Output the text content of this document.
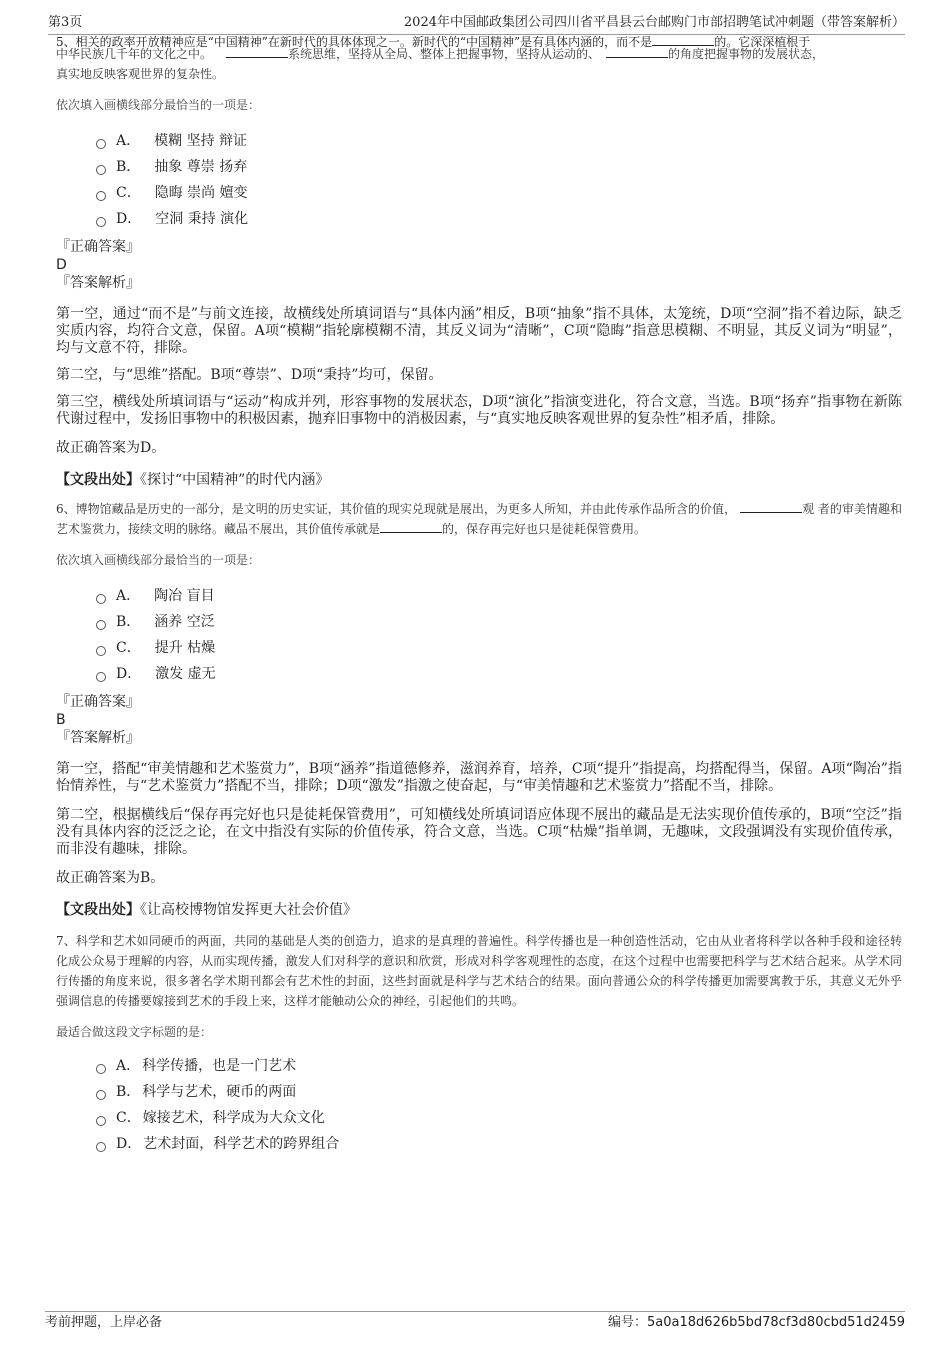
第3页	2024年中国邮政集团公司四川省平昌县云台邮购门市部招聘笔试冲刺题（带答案解析）
5、相关的政率开放精神应是“中国精神”在新时代的具体体现之一。新时代的“中国精神”是有具体内涵的，而不是	的。它深深植根于

中华民族几千年的文化之中。	系统思维，坚持从全局、整体上把握事物，坚持从运动的、	的角度把握事物的发展状态，
真实地反映客观世界的复杂性。

依次填入画横线部分最恰当的一项是：

A． 模糊 坚持 辩证
B． 抽象 尊崇 扬弃
C． 隐晦 崇尚 嬗变
D． 空洞 秉持 演化

『正确答案』

D

『答案解析』

第一空，通过“而不是”与前文连接，故横线处所填词语与“具体内涵”相反，B项“抽象”指不具体，太笼统，D项“空洞”指不着边际，缺乏实质内容，均符合文意，保留。A项“模糊”指轮廓模糊不清，其反义词为“清晰”，C项“隐晦”指意思模糊、不明显，其反义词为“明显”，均与文意不符，排除。

第二空，与“思维”搭配。B项“尊崇”、D项“秉持”均可，保留。

第三空，横线处所填词语与“运动”构成并列，形容事物的发展状态，D项“演化”指演变进化，符合文意，当选。B项“扬弃”指事物在新陈代谢过程中，发扬旧事物中的积极因素，抛弃旧事物中的消极因素，与“真实地反映客观世界的复杂性”相矛盾，排除。

故正确答案为D。

【文段出处】《探讨“中国精神”的时代内涵》

6、博物馆藏品是历史的一部分，是文明的历史实证，其价值的现实兑现就是展出，为更多人所知，并由此传承作品所含的价值，	观 者的审美情趣和艺术鉴赏力，接续文明的脉络。藏品不展出，其价值传承就是	的，保存再完好也只是徒耗保管费用。

依次填入画横线部分最恰当的一项是：

A． 陶冶 盲目
B． 涵养 空泛
C． 提升 枯燥
D． 激发 虚无

『正确答案』

B

『答案解析』

第一空，搭配“审美情趣和艺术鉴赏力”，B项“涵养”指道德修养，滋润养育，培养，C项“提升”指提高，均搭配得当，保留。A项“陶冶”指怡情养性，与“艺术鉴赏力”搭配不当，排除；D项“激发”指激之使奋起，与“审美情趣和艺术鉴赏力”搭配不当，排除。

第二空，根据横线后“保存再完好也只是徒耗保管费用”，可知横线处所填词语应体现不展出的藏品是无法实现价值传承的，B项“空泛”指没有具体内容的泛泛之论，在文中指没有实际的价值传承，符合文意，当选。C项“枯燥”指单调，无趣味，文段强调没有实现价值传承，而非没有趣味，排除。

故正确答案为B。

【文段出处】《让高校博物馆发挥更大社会价值》

7、科学和艺术如同硬币的两面，共同的基础是人类的创造力，追求的是真理的普遍性。科学传播也是一种创造性活动，它由从业者将科学以各种手段和途径转化成公众易于理解的内容，从而实现传播，激发人们对科学的意识和欣赏，形成对科学客观理性的态度，在这个过程中也需要把科学与艺术结合起来。从学术同行传播的角度来说，很多著名学术期刊都会有艺术性的封面，这些封面就是科学与艺术结合的结果。面向普通公众的科学传播更加需要寓教于乐，其意义无外乎强调信息的传播要嫁接到艺术的手段上来，这样才能触动公众的神经，引起他们的共鸣。

最适合做这段文字标题的是：

A． 科学传播，也是一门艺术
B． 科学与艺术，硬币的两面
C． 嫁接艺术，科学成为大众文化
D． 艺术封面，科学艺术的跨界组合
考前押题，上岸必备	编号：5a0a18d626b5bd78cf3d80cbd51d2459
